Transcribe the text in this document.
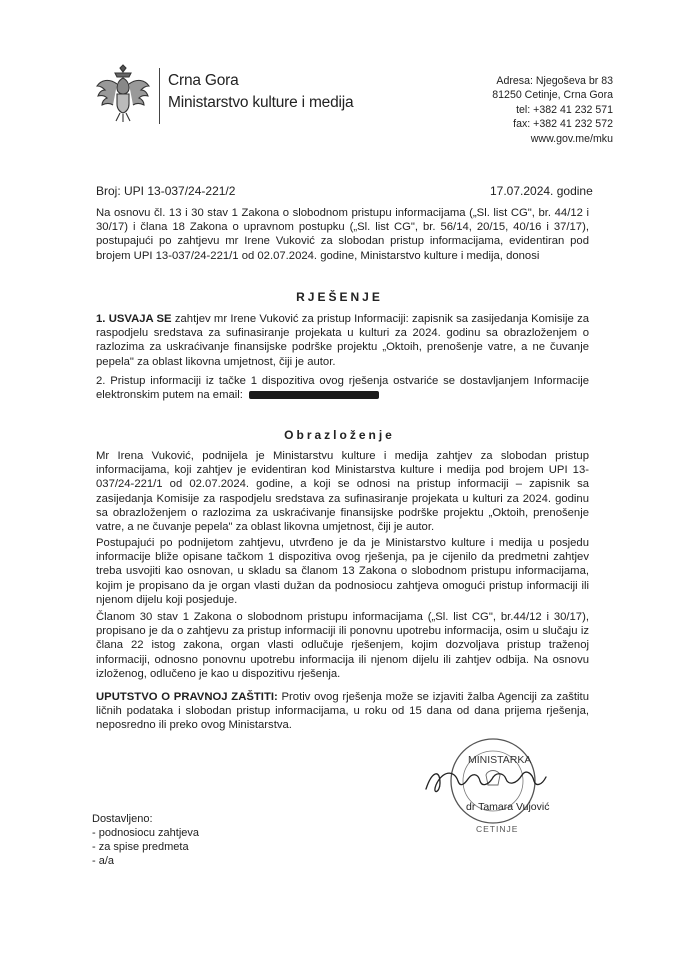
Crna Gora
Ministarstvo kulture i medija
Adresa: Njegoševa br 83
81250 Cetinje, Crna Gora
tel: +382 41 232 571
fax: +382 41 232 572
www.gov.me/mku
Broj: UPI 13-037/24-221/2	17.07.2024. godine
Na osnovu čl. 13 i 30 stav 1 Zakona o slobodnom pristupu informacijama („Sl. list CG", br. 44/12 i 30/17) i člana 18 Zakona o upravnom postupku („Sl. list CG", br. 56/14, 20/15, 40/16 i 37/17), postupajući po zahtjevu mr Irene Vuković za slobodan pristup informacijama, evidentiran pod brojem UPI 13-037/24-221/1 od 02.07.2024. godine, Ministarstvo kulture i medija, donosi
RJEŠENJE
1. USVAJA SE zahtjev mr Irene Vuković za pristup Informaciji: zapisnik sa zasijedanja Komisije za raspodjelu sredstava za sufinasiranje projekata u kulturi za 2024. godinu sa obrazloženjem o razlozima za uskraćivanje finansijske podrške projektu „Oktoih, prenošenje vatre, a ne čuvanje pepela" za oblast likovna umjetnost, čiji je autor.
2. Pristup informaciji iz tačke 1 dispozitiva ovog rješenja ostvariće se dostavljanjem Informacije elektronskim putem na email:
Obrazloženje
Mr Irena Vuković, podnijela je Ministarstvu kulture i medija zahtjev za slobodan pristup informacijama, koji zahtjev je evidentiran kod Ministarstva kulture i medija pod brojem UPI 13-037/24-221/1 od 02.07.2024. godine, a koji se odnosi na pristup informaciji – zapisnik sa zasijedanja Komisije za raspodjelu sredstava za sufinasiranje projekata u kulturi za 2024. godinu sa obrazloženjem o razlozima za uskraćivanje finansijske podrške projektu „Oktoih, prenošenje vatre, a ne čuvanje pepela" za oblast likovna umjetnost, čiji je autor.
Postupajući po podnijetom zahtjevu, utvrđeno je da je Ministarstvo kulture i medija u posjedu informacije bliže opisane tačkom 1 dispozitiva ovog rješenja, pa je cijenilo da predmetni zahtjev treba usvojiti kao osnovan, u skladu sa članom 13 Zakona o slobodnom pristupu informacijama, kojim je propisano da je organ vlasti dužan da podnosiocu zahtjeva omogući pristup informaciji ili njenom dijelu koji posjeduje.
Članom 30 stav 1 Zakona o slobodnom pristupu informacijama („Sl. list CG", br.44/12 i 30/17), propisano je da o zahtjevu za pristup informaciji ili ponovnu upotrebu informacija, osim u slučaju iz člana 22 istog zakona, organ vlasti odlučuje rješenjem, kojim dozvoljava pristup traženoj informaciji, odnosno ponovnu upotrebu informacija ili njenom dijelu ili zahtjev odbija. Na osnovu izloženog, odlučeno je kao u dispozitivu rješenja.
UPUTSTVO O PRAVNOJ ZAŠTITI: Protiv ovog rješenja može se izjaviti žalba Agenciji za zaštitu ličnih podataka i slobodan pristup informacijama, u roku od 15 dana od dana prijema rješenja, neposredno ili preko ovog Ministarstva.
MINISTARKA
dr Tamara Vujović
CETINJE
Dostavljeno:
- podnosiocu zahtjeva
- za spise predmeta
- a/a
